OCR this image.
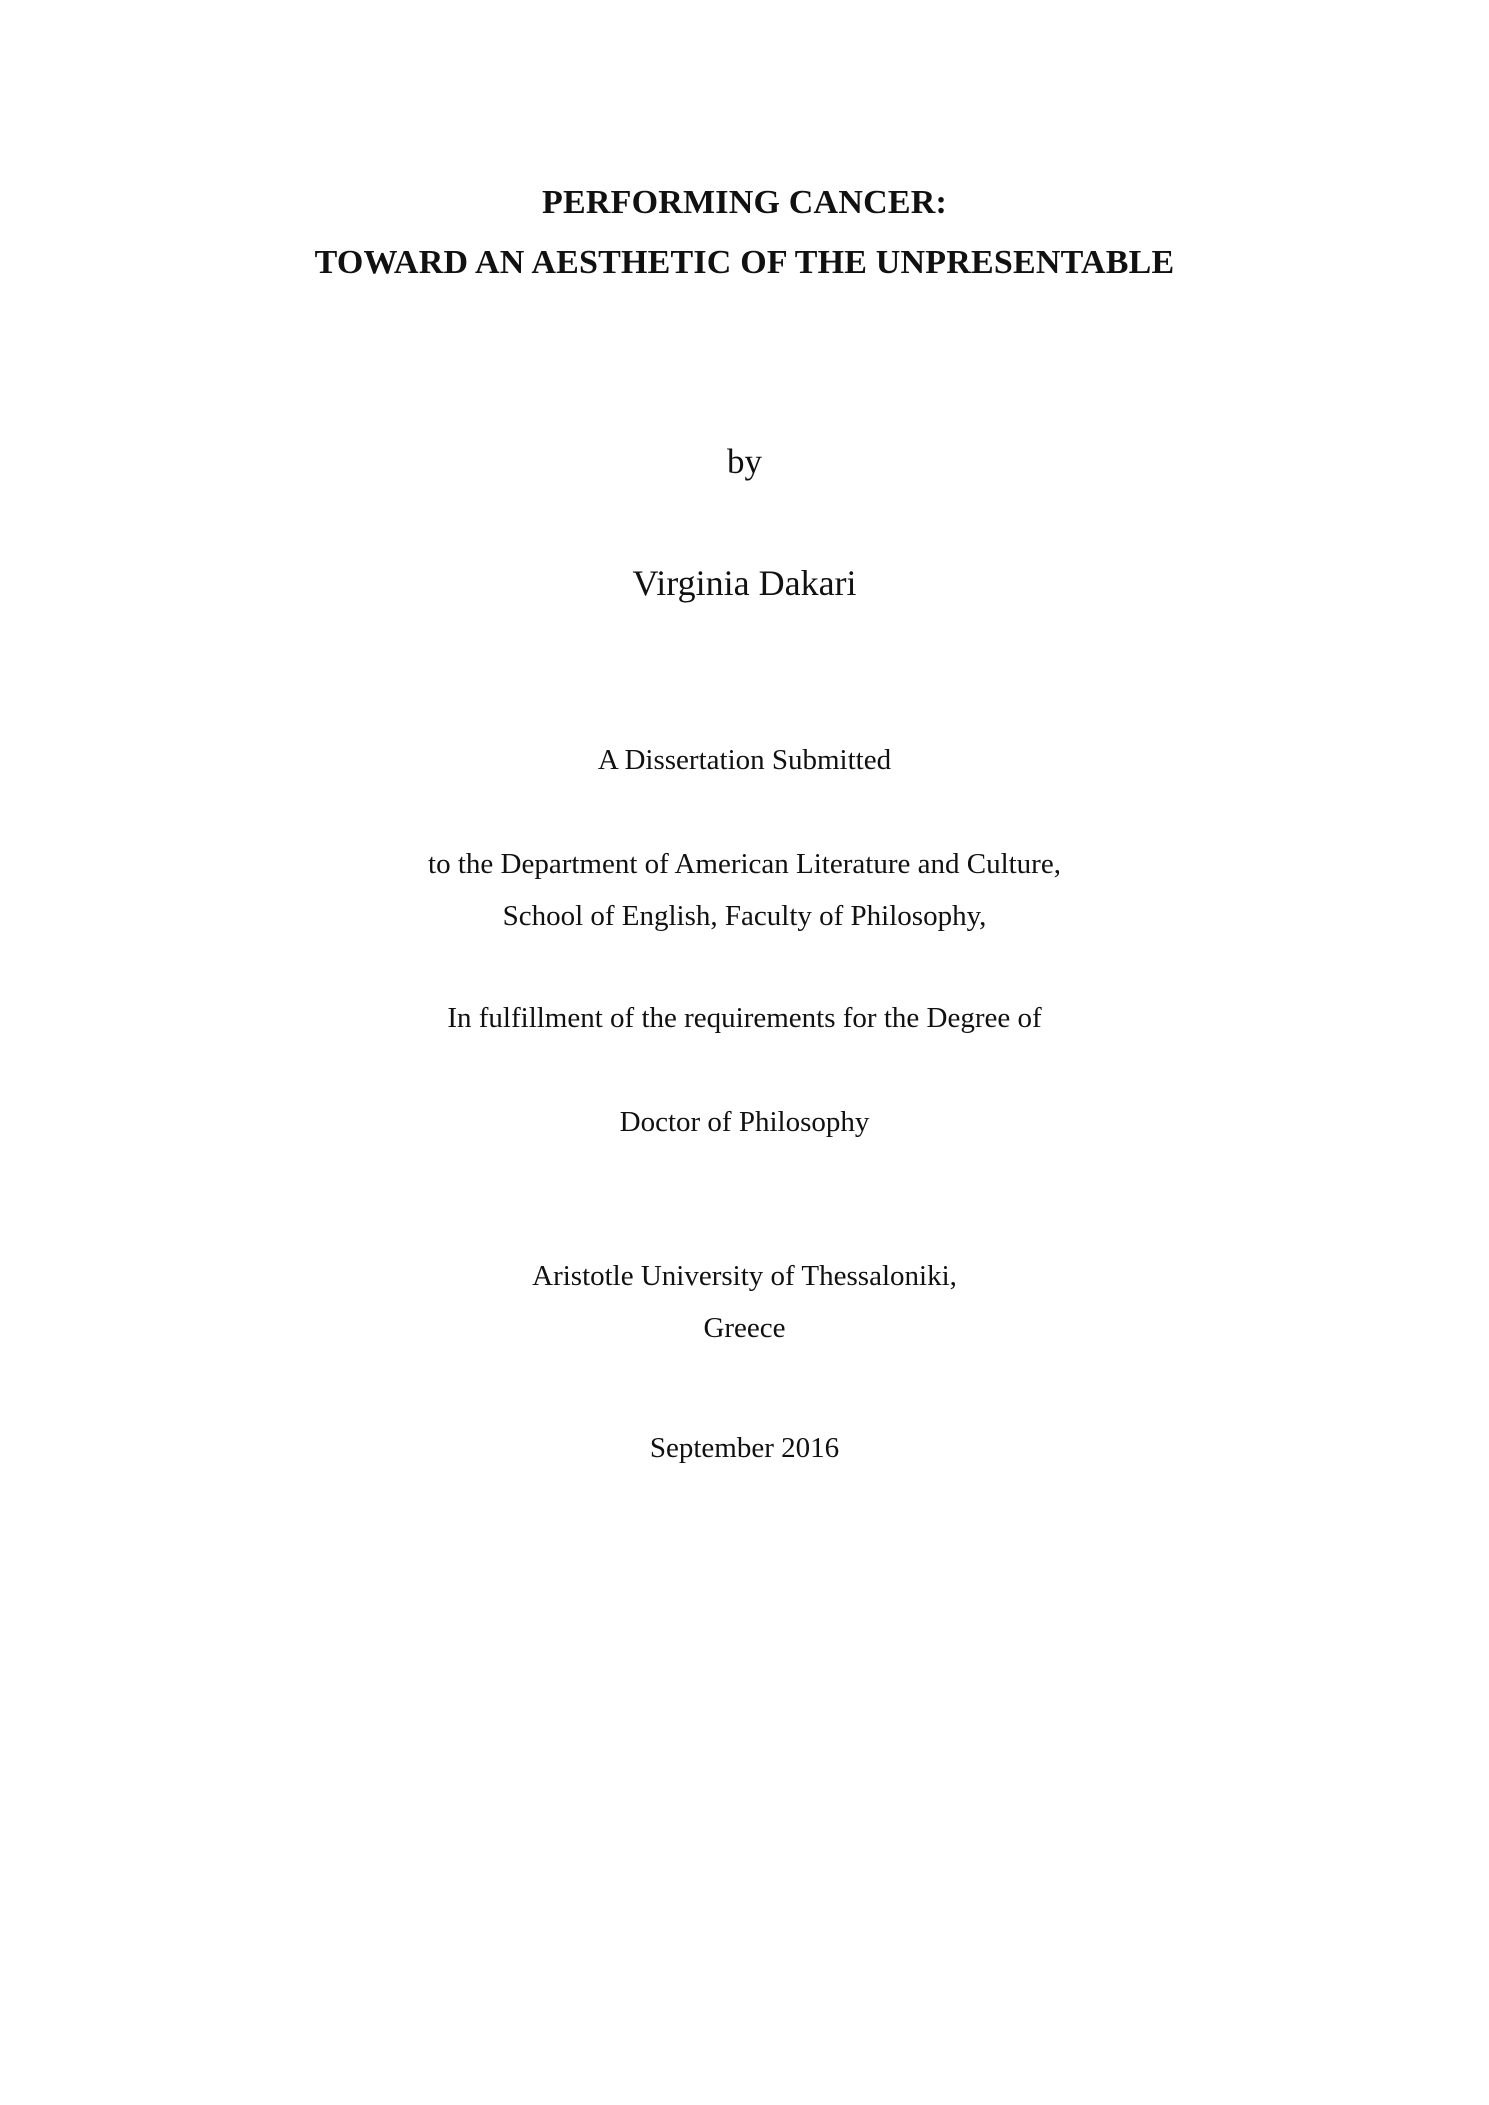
PERFORMING CANCER:
TOWARD AN AESTHETIC OF THE UNPRESENTABLE
by
Virginia Dakari
A Dissertation Submitted
to the Department of American Literature and Culture,
School of English, Faculty of Philosophy,
In fulfillment of the requirements for the Degree of
Doctor of Philosophy
Aristotle University of Thessaloniki,
Greece
September 2016
